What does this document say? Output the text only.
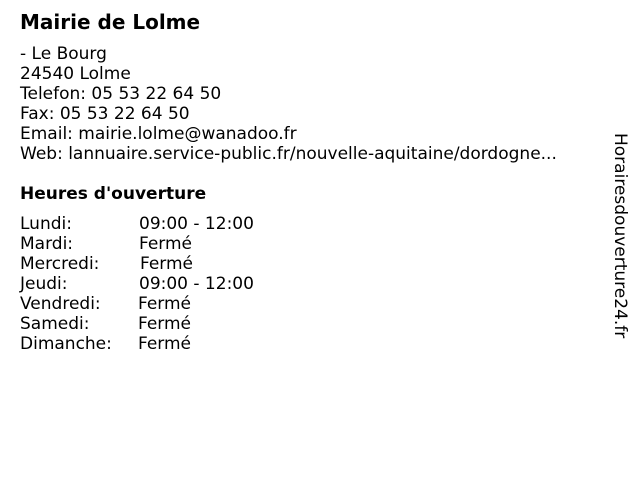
Mairie de Lolme
- Le Bourg
24540 Lolme
Telefon: 05 53 22 64 50
Fax: 05 53 22 64 50
Email: mairie.lolme@wanadoo.fr
Web: lannuaire.service-public.fr/nouvelle-aquitaine/dordogne...
Heures d'ouverture
Lundi:	09:00 - 12:00
Mardi:	Fermé
Mercredi: Fermé
Jeudi:	09:00 - 12:00
Vendredi: Fermé
Samedi:	Fermé
Dimanche: Fermé
Horairesdouverture24.fr
